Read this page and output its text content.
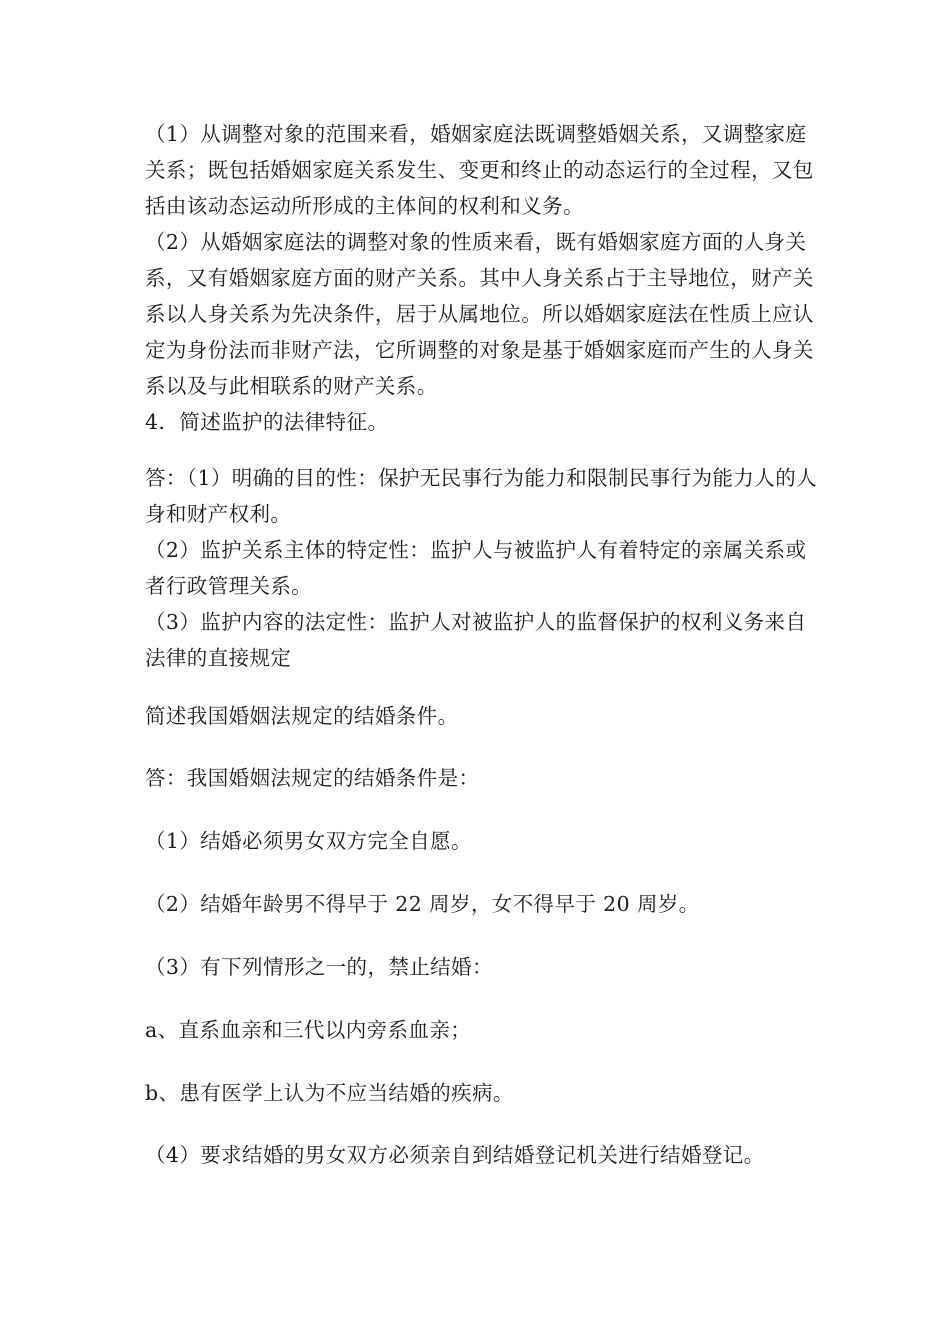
（1）从调整对象的范围来看，婚姻家庭法既调整婚姻关系，又调整家庭关系；既包括婚姻家庭关系发生、变更和终止的动态运行的全过程，又包括由该动态运动所形成的主体间的权利和义务。

（2）从婚姻家庭法的调整对象的性质来看，既有婚姻家庭方面的人身关系，又有婚姻家庭方面的财产关系。其中人身关系占于主导地位，财产关系以人身关系为先决条件，居于从属地位。所以婚姻家庭法在性质上应认定为身份法而非财产法，它所调整的对象是基于婚姻家庭而产生的人身关系以及与此相联系的财产关系。

4．简述监护的法律特征。

答：（1）明确的目的性：保护无民事行为能力和限制民事行为能力人的人身和财产权利。

（2）监护关系主体的特定性：监护人与被监护人有着特定的亲属关系或者行政管理关系。

（3）监护内容的法定性：监护人对被监护人的监督保护的权利义务来自法律的直接规定

简述我国婚姻法规定的结婚条件。

答：我国婚姻法规定的结婚条件是：

（1）结婚必须男女双方完全自愿。

（2）结婚年龄男不得早于 22 周岁，女不得早于 20 周岁。

（3）有下列情形之一的，禁止结婚：

a、直系血亲和三代以内旁系血亲；

b、患有医学上认为不应当结婚的疾病。

（4）要求结婚的男女双方必须亲自到结婚登记机关进行结婚登记。
